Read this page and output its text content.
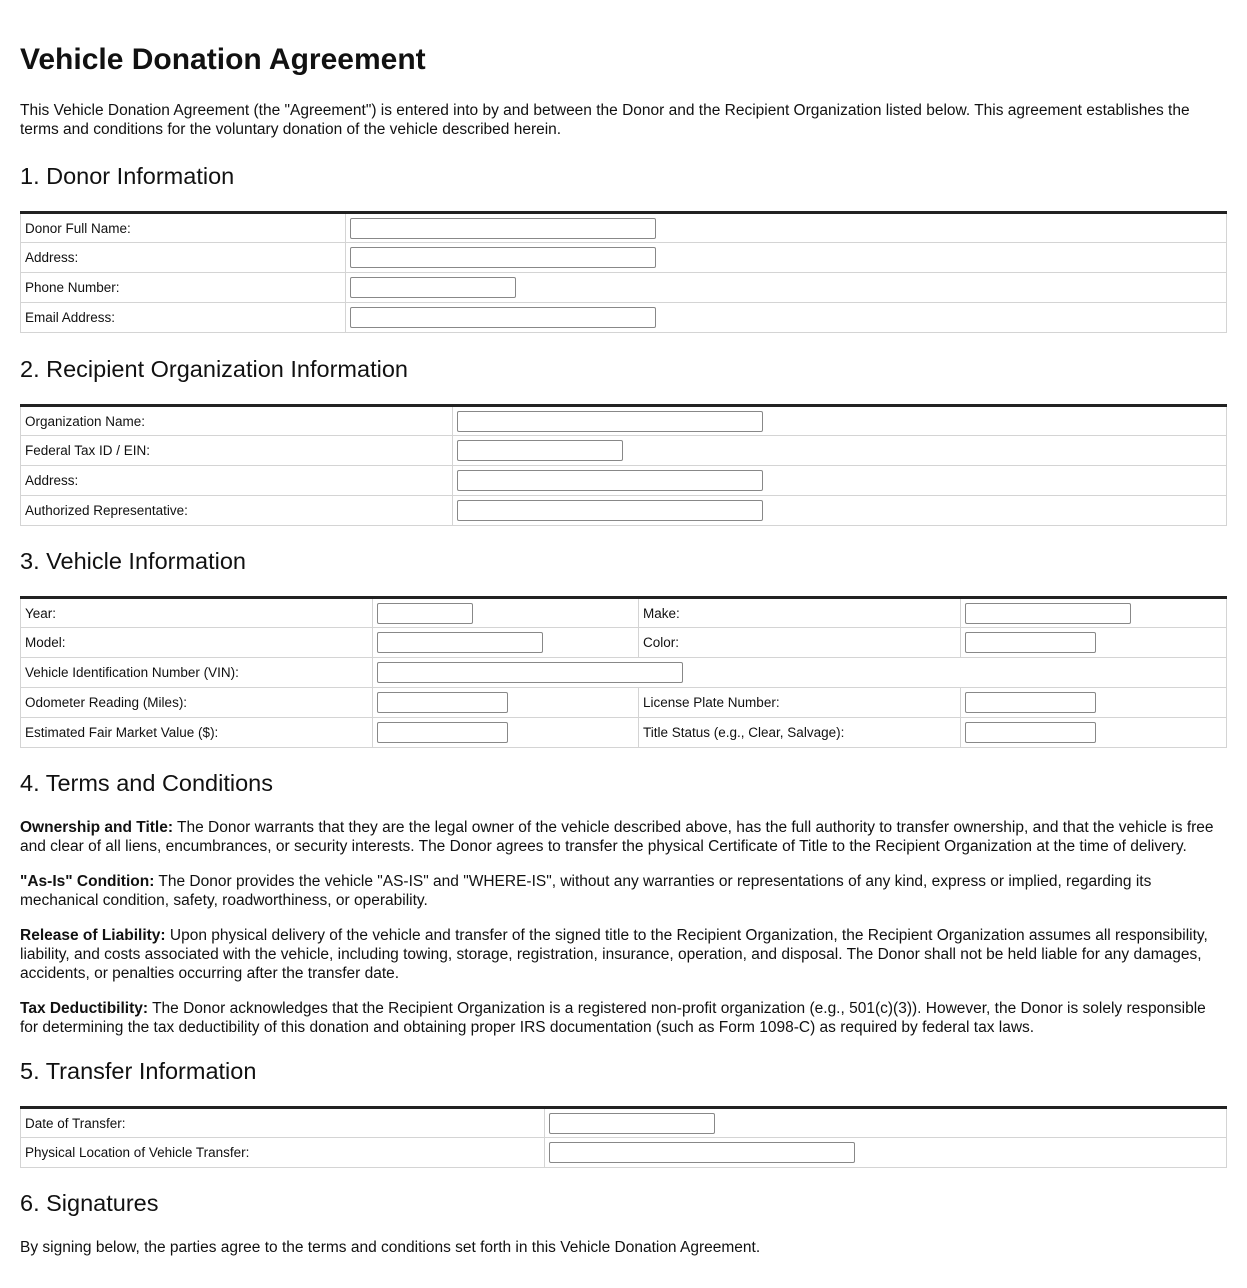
Vehicle Donation Agreement

This Vehicle Donation Agreement (the "Agreement") is entered into by and between the Donor and the Recipient Organization listed below. This agreement establishes the terms and conditions for the voluntary donation of the vehicle described herein.

1. Donor Information
Donor Full Name:	

Address:	

Phone Number:	

Email Address:	
2. Recipient Organization Information
Organization Name:	

Federal Tax ID / EIN:	

Address:	

Authorized Representative:	
3. Vehicle Information
Year:		Make:	

Model:		Color:	

Vehicle Identification Number (VIN):			

Odometer Reading (Miles):		License Plate Number:	

Estimated Fair Market Value ($):		Title Status (e.g., Clear, Salvage):	
4. Terms and Conditions

Ownership and Title: The Donor warrants that they are the legal owner of the vehicle described above, has the full authority to transfer ownership, and that the vehicle is free and clear of all liens, encumbrances, or security interests. The Donor agrees to transfer the physical Certificate of Title to the Recipient Organization at the time of delivery.

"As-Is" Condition: The Donor provides the vehicle "AS-IS" and "WHERE-IS", without any warranties or representations of any kind, express or implied, regarding its mechanical condition, safety, roadworthiness, or operability.

Release of Liability: Upon physical delivery of the vehicle and transfer of the signed title to the Recipient Organization, the Recipient Organization assumes all responsibility, liability, and costs associated with the vehicle, including towing, storage, registration, insurance, operation, and disposal. The Donor shall not be held liable for any damages, accidents, or penalties occurring after the transfer date.

Tax Deductibility: The Donor acknowledges that the Recipient Organization is a registered non-profit organization (e.g., 501(c)(3)). However, the Donor is solely responsible for determining the tax deductibility of this donation and obtaining proper IRS documentation (such as Form 1098-C) as required by federal tax laws.

5. Transfer Information
Date of Transfer:	

Physical Location of Vehicle Transfer:	
6. Signatures

By signing below, the parties agree to the terms and conditions set forth in this Vehicle Donation Agreement.
